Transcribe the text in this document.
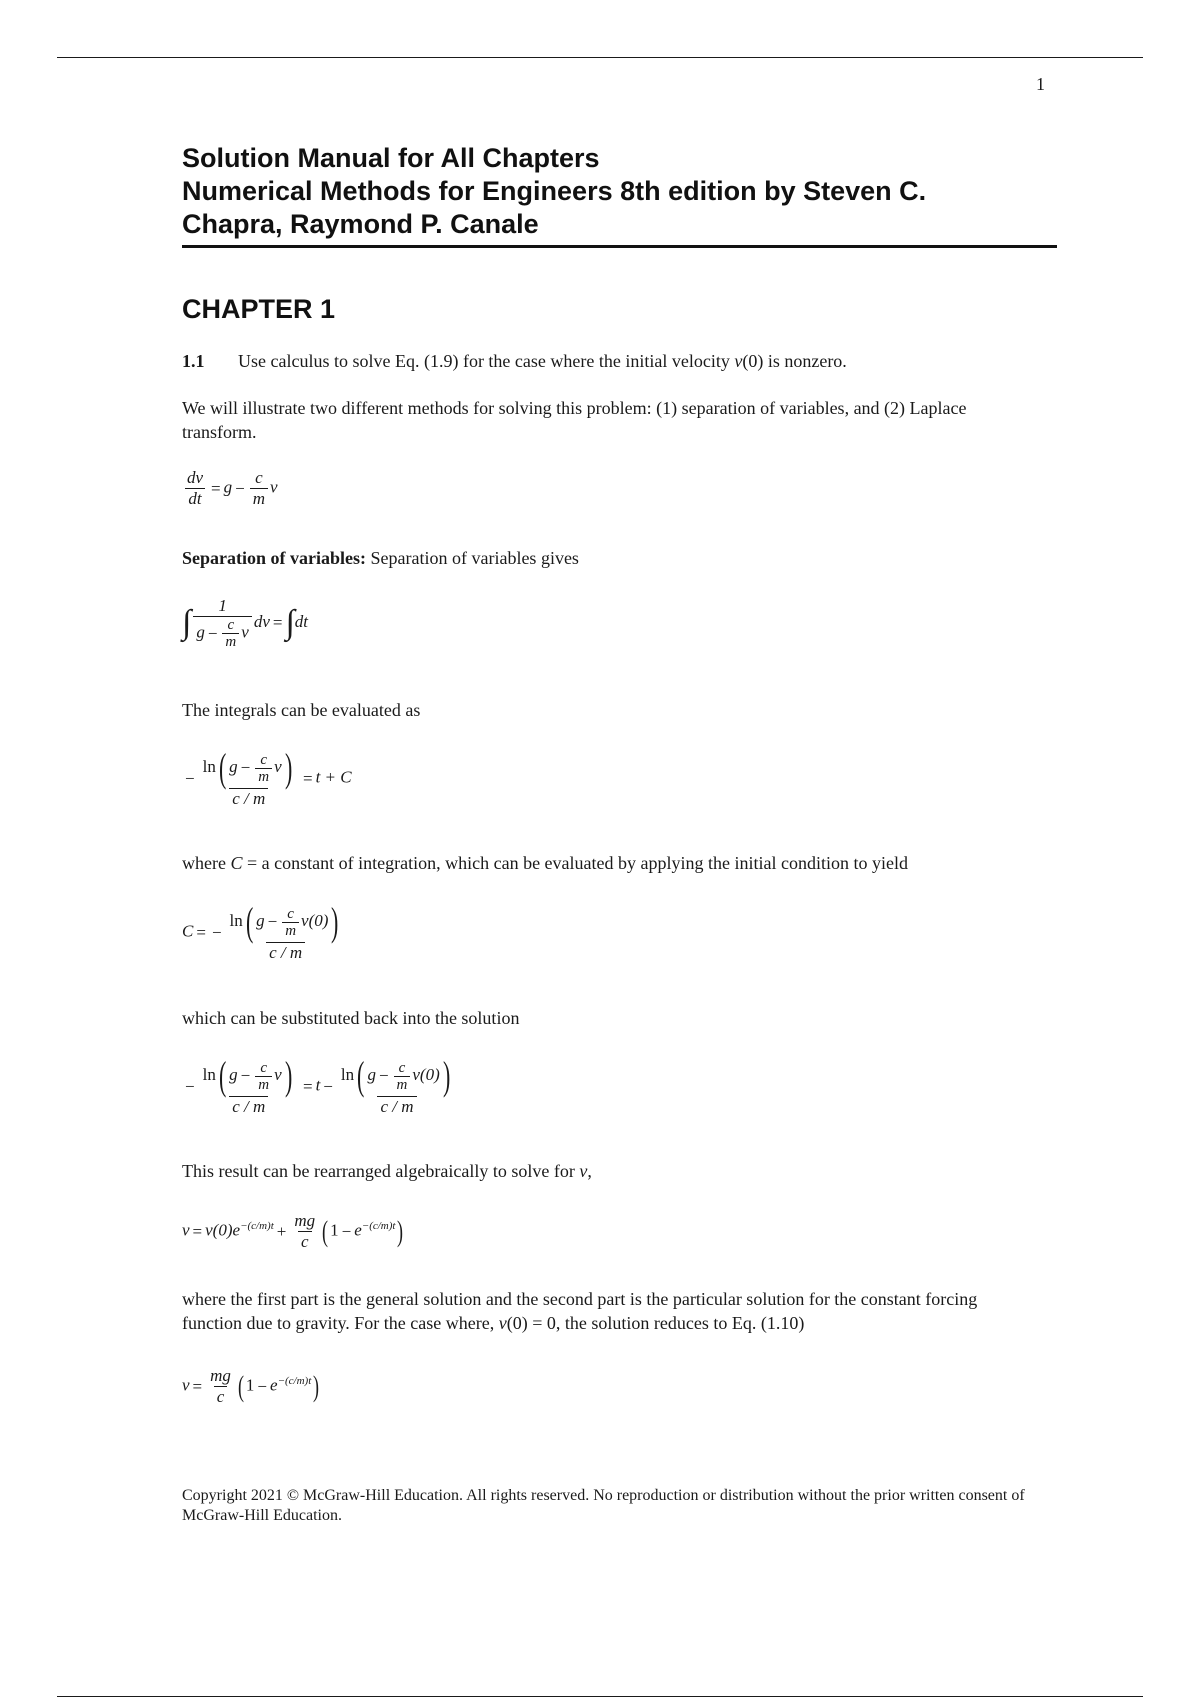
1
Solution Manual for All Chapters
Numerical Methods for Engineers 8th edition by Steven C.
Chapra, Raymond P. Canale
CHAPTER 1
1.1 Use calculus to solve Eq. (1.9) for the case where the initial velocity v(0) is nonzero.
We will illustrate two different methods for solving this problem: (1) separation of variables, and (2) Laplace transform.
$\frac{dv}{dt} = g - \frac{c}{m}$ v
Separation of variables: Separation of variables gives
∫ $\frac{1}{g - \frac{c}{m} v}$ dv =∫dt
The integrals can be evaluated as
− $\frac{\ln( g - \frac{c}{m} v)}{c / m} = t + C$
where C = a constant of integration, which can be evaluated by applying the initial condition to yield
C = − $\frac{\ln( g - \frac{c}{m} v(0))}{c / m}$
which can be substituted back into the solution
− $\frac{\ln( g - \frac{c}{m} v)}{c / m} = t - \frac{\ln( g - \frac{c}{m} v(0))}{c / m}$
This result can be rearranged algebraically to solve for v,
$v = v(0)e^{-(c/m)t} + \frac{mg}{c}$ ( $1 - e^{-(c/m)t}$)
where the first part is the general solution and the second part is the particular solution for the constant forcing function due to gravity. For the case where, v(0) = 0, the solution reduces to Eq. (1.10)
$v = \frac{mg}{c}$ ( $1 - e^{-(c/m)t}$)
Copyright 2021 © McGraw-Hill Education. All rights reserved. No reproduction or distribution without the prior written consent of McGraw-Hill Education.
